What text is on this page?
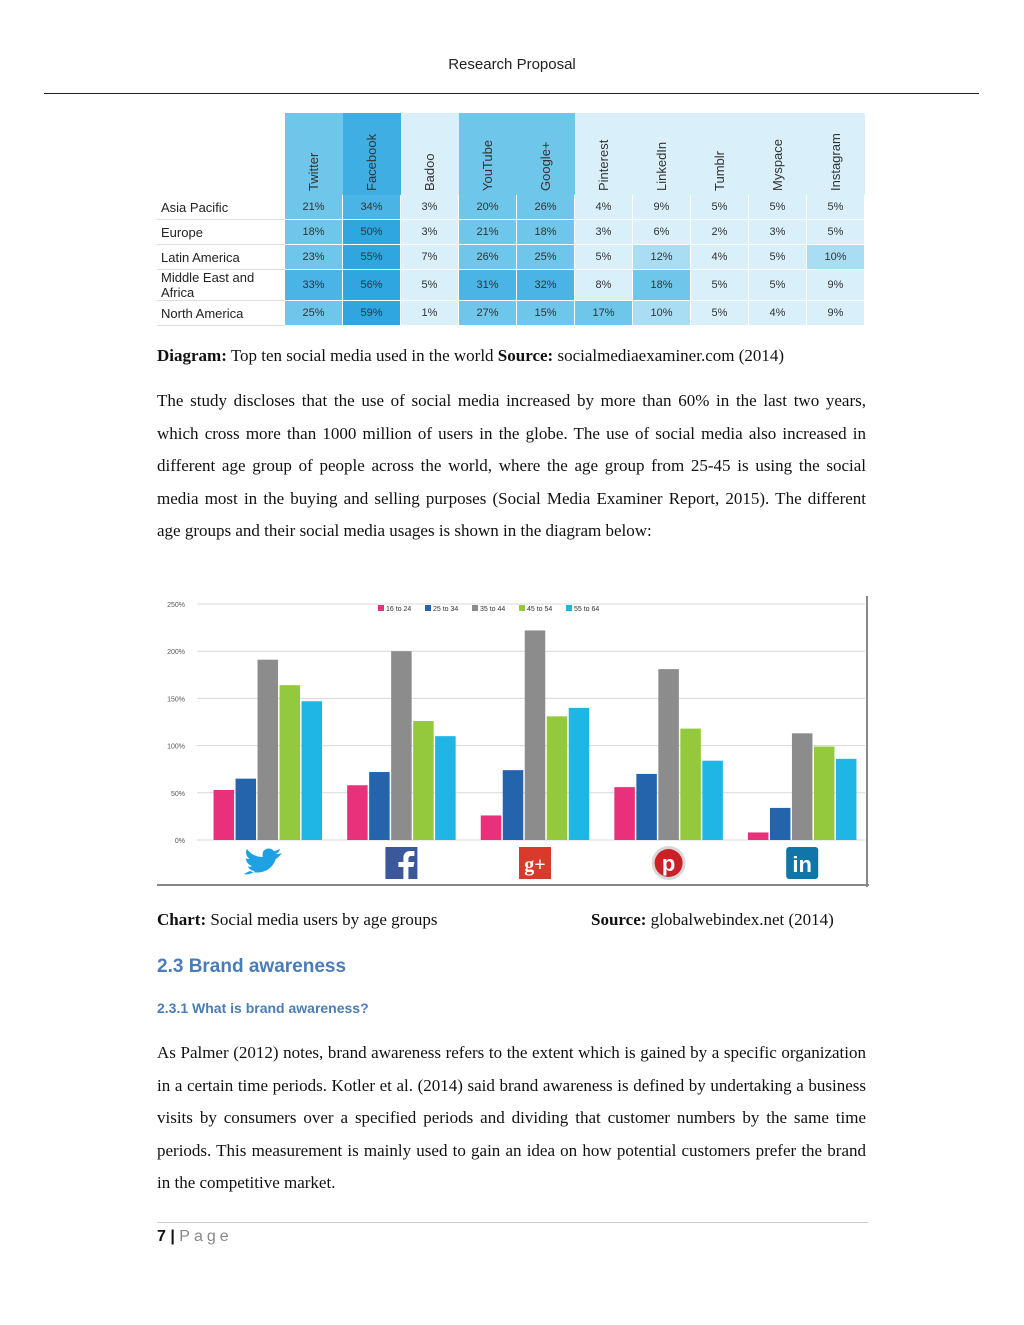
Research Proposal

	Twitter	Facebook	Badoo	YouTube	Google+	Pinterest	LinkedIn	Tumblr	Myspace	Instagram

Asia Pacific	21%	34%	3%	20%	26%	4%	9%	5%	5%	5%
Europe	18%	50%	3%	21%	18%	3%	6%	2%	3%	5%
Latin America	23%	55%	7%	26%	25%	5%	12%	4%	5%	10%
Middle East and Africa	33%	56%	5%	31%	32%	8%	18%	5%	5%	9%
North America	25%	59%	1%	27%	15%	17%	10%	5%	4%	9%
Diagram: Top ten social media used in the world Source: socialmediaexaminer.com (2014)
The study discloses that the use of social media increased by more than 60% in the last two years, which cross more than 1000 million of users in the globe. The use of social media also increased in different age group of people across the world, where the age group from 25-45 is using the social media most in the buying and selling purposes (Social Media Examiner Report, 2015). The different age groups and their social media usages is shown in the diagram below:
0%
50%
100%
150%
200%
250%
16 to 24	25 to 34	35 to 44	45 to 54	55 to 64
g+	p	in
Chart: Social media users by age groups	Source: globalwebindex.net (2014)
2.3 Brand awareness
2.3.1 What is brand awareness?
As Palmer (2012) notes, brand awareness refers to the extent which is gained by a specific organization in a certain time periods. Kotler et al. (2014) said brand awareness is defined by undertaking a business visits by consumers over a specified periods and dividing that customer numbers by the same time periods. This measurement is mainly used to gain an idea on how potential customers prefer the brand in the competitive market.
7 | Page
